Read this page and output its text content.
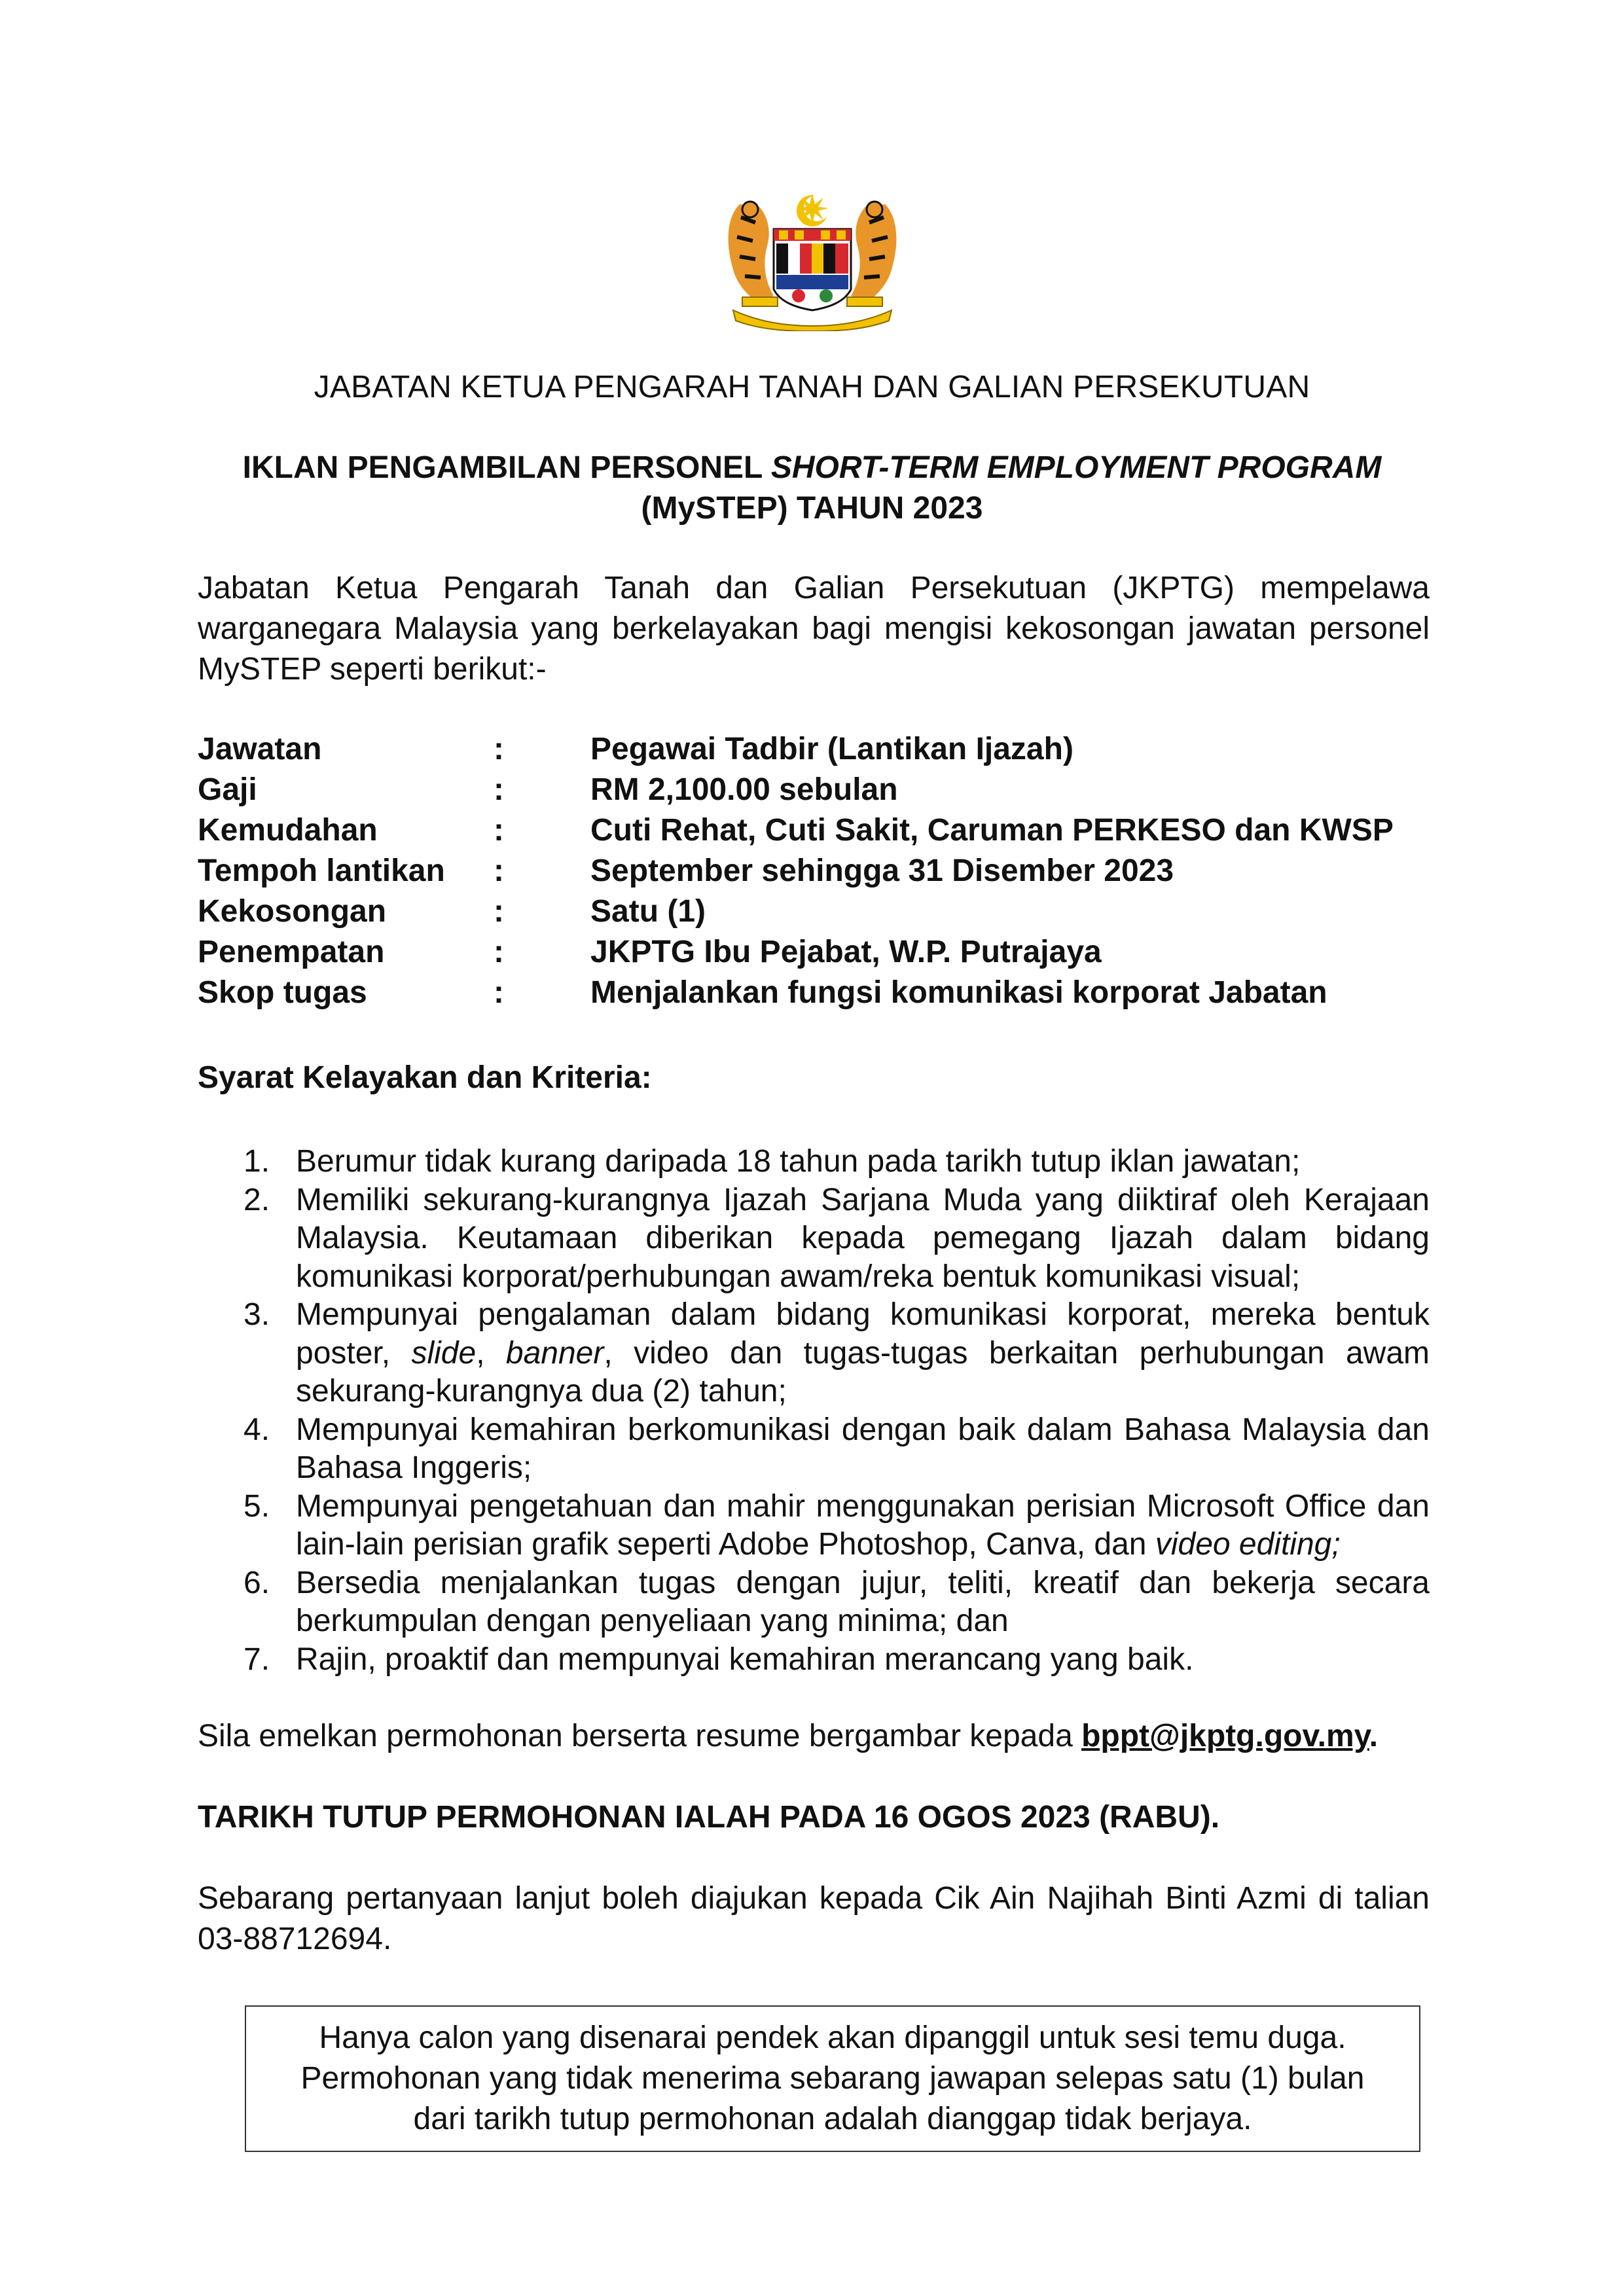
JABATAN KETUA PENGARAH TANAH DAN GALIAN PERSEKUTUAN
IKLAN PENGAMBILAN PERSONEL SHORT-TERM EMPLOYMENT PROGRAM
(MySTEP) TAHUN 2023
Jabatan Ketua Pengarah Tanah dan Galian Persekutuan (JKPTG) mempelawa warganegara Malaysia yang berkelayakan bagi mengisi kekosongan jawatan personel MySTEP seperti berikut:-
Jawatan	:	Pegawai Tadbir (Lantikan Ijazah)
Gaji	:	RM 2,100.00 sebulan
Kemudahan	:	Cuti Rehat, Cuti Sakit, Caruman PERKESO dan KWSP
Tempoh lantikan :	September sehingga 31 Disember 2023
Kekosongan	:	Satu (1)
Penempatan	:	JKPTG Ibu Pejabat, W.P. Putrajaya
Skop tugas	:	Menjalankan fungsi komunikasi korporat Jabatan
Syarat Kelayakan dan Kriteria:
1. Berumur tidak kurang daripada 18 tahun pada tarikh tutup iklan jawatan;
2. Memiliki sekurang-kurangnya Ijazah Sarjana Muda yang diiktiraf oleh Kerajaan Malaysia. Keutamaan diberikan kepada pemegang Ijazah dalam bidang komunikasi korporat/perhubungan awam/reka bentuk komunikasi visual;
3. Mempunyai pengalaman dalam bidang komunikasi korporat, mereka bentuk poster, slide, banner, video dan tugas-tugas berkaitan perhubungan awam sekurang-kurangnya dua (2) tahun;
4. Mempunyai kemahiran berkomunikasi dengan baik dalam Bahasa Malaysia dan Bahasa Inggeris;
5. Mempunyai pengetahuan dan mahir menggunakan perisian Microsoft Office dan lain-lain perisian grafik seperti Adobe Photoshop, Canva, dan video editing;
6. Bersedia menjalankan tugas dengan jujur, teliti, kreatif dan bekerja secara berkumpulan dengan penyeliaan yang minima; dan
7. Rajin, proaktif dan mempunyai kemahiran merancang yang baik.
Sila emelkan permohonan berserta resume bergambar kepada bppt@jkptg.gov.my.
TARIKH TUTUP PERMOHONAN IALAH PADA 16 OGOS 2023 (RABU).
Sebarang pertanyaan lanjut boleh diajukan kepada Cik Ain Najihah Binti Azmi di talian 03-88712694.
Hanya calon yang disenarai pendek akan dipanggil untuk sesi temu duga.
Permohonan yang tidak menerima sebarang jawapan selepas satu (1) bulan
dari tarikh tutup permohonan adalah dianggap tidak berjaya.
